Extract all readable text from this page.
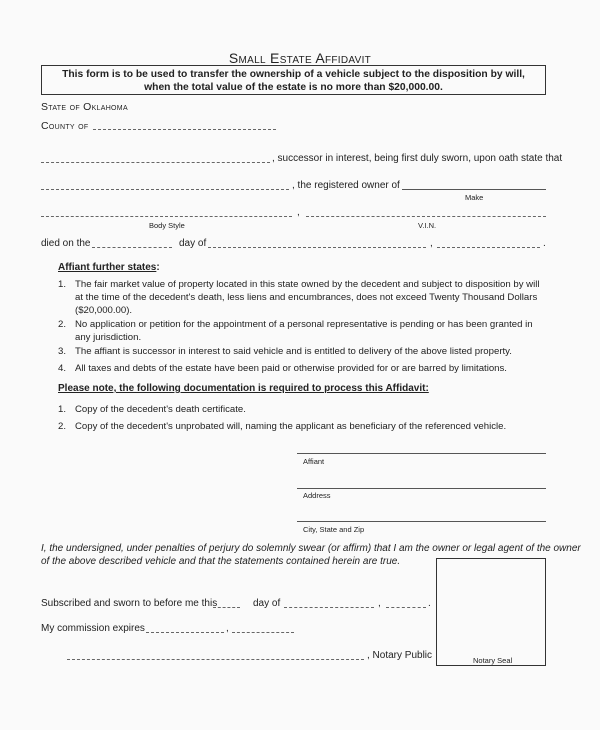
Small Estate Affidavit
This form is to be used to transfer the ownership of a vehicle subject to the disposition by will,
when the total value of the estate is no more than $20,000.00.
State of Oklahoma
County of
, successor in interest, being first duly sworn, upon oath state that
, the registered owner of
Make
,
Body Style	V.I.N.
died on the	day of	,	.
Affiant further states:
1. The fair market value of property located in this state owned by the decedent and subject to disposition by will
at the time of the decedent's death, less liens and encumbrances, does not exceed Twenty Thousand Dollars
($20,000.00).
2. No application or petition for the appointment of a personal representative is pending or has been granted in
any jurisdiction.
3. The affiant is successor in interest to said vehicle and is entitled to delivery of the above listed property.
4. All taxes and debts of the estate have been paid or otherwise provided for or are barred by limitations.
Please note, the following documentation is required to process this Affidavit:
1. Copy of the decedent's death certificate.
2. Copy of the decedent's unprobated will, naming the applicant as beneficiary of the referenced vehicle.
Affiant
Address
City, State and Zip
I, the undersigned, under penalties of perjury do solemnly swear (or affirm) that I am the owner or legal agent of the owner
of the above described vehicle and that the statements contained herein are true.
Subscribed and sworn to before me this	day of	,	.
My commission expires	,
, Notary Public	Notary Seal
